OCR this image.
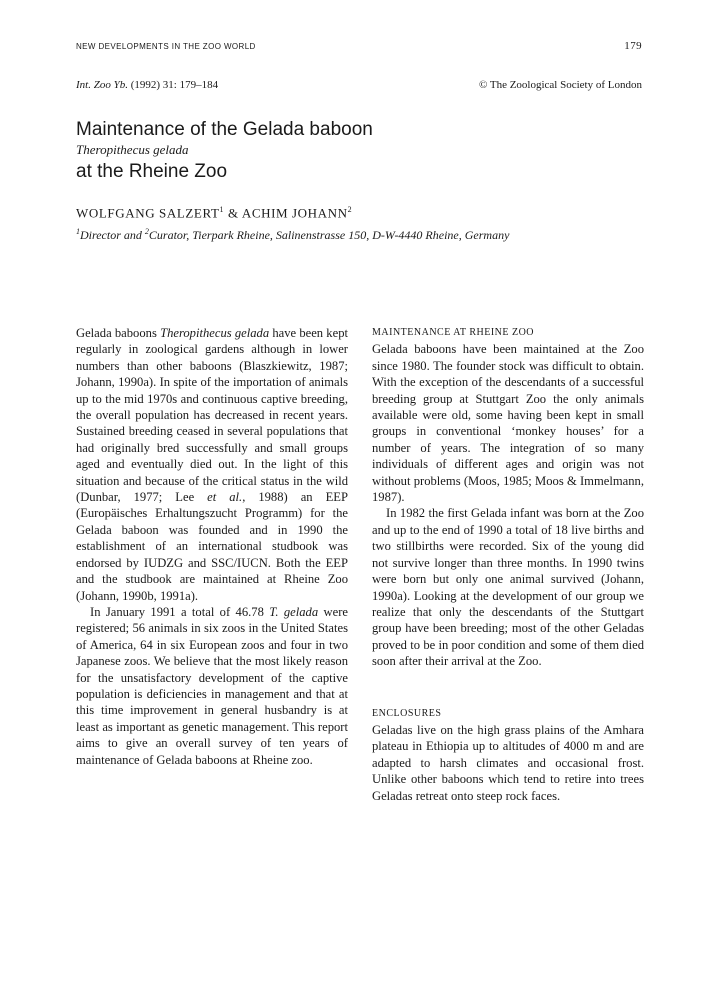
NEW DEVELOPMENTS IN THE ZOO WORLD	179
Int. Zoo Yb. (1992) 31: 179–184	© The Zoological Society of London
Maintenance of the Gelada baboon
Theropithecus gelada
at the Rheine Zoo
WOLFGANG SALZERT$^1$ & ACHIM JOHANN$^2$
$^1$Director and $^2$Curator, Tierpark Rheine, Salinenstrasse 150, D-W-4440 Rheine, Germany

Gelada baboons Theropithecus gelada have been kept regularly in zoological gardens although in lower numbers than other baboons (Blaszkiewitz, 1987; Johann, 1990a). In spite of the importation of animals up to the mid 1970s and continuous captive breeding, the overall population has decreased in recent years. Sustained breeding ceased in several populations that had originally bred successfully and small groups aged and eventually died out. In the light of this situation and because of the critical status in the wild (Dunbar, 1977; Lee et al., 1988) an EEP (Europäisches Erhaltungszucht Programm) for the Gelada baboon was founded and in 1990 the establishment of an international studbook was endorsed by IUDZG and SSC/IUCN. Both the EEP and the studbook are maintained at Rheine Zoo (Johann, 1990b, 1991a).

In January 1991 a total of 46.78 T. gelada were registered; 56 animals in six zoos in the United States of America, 64 in six European zoos and four in two Japanese zoos. We believe that the most likely reason for the unsatisfactory development of the captive population is deficiencies in management and that at this time improvement in general husbandry is at least as important as genetic management. This report aims to give an overall survey of ten years of maintenance of Gelada baboons at Rheine zoo.

MAINTENANCE AT RHEINE ZOO

Gelada baboons have been maintained at the Zoo since 1980. The founder stock was difficult to obtain. With the exception of the descendants of a successful breeding group at Stuttgart Zoo the only animals available were old, some having been kept in small groups in conventional ‘monkey houses’ for a number of years. The integration of so many individuals of different ages and origin was not without problems (Moos, 1985; Moos & Immelmann, 1987).

In 1982 the first Gelada infant was born at the Zoo and up to the end of 1990 a total of 18 live births and two stillbirths were recorded. Six of the young did not survive longer than three months. In 1990 twins were born but only one animal survived (Johann, 1990a). Looking at the development of our group we realize that only the descendants of the Stuttgart group have been breeding; most of the other Geladas proved to be in poor condition and some of them died soon after their arrival at the Zoo.

ENCLOSURES

Geladas live on the high grass plains of the Amhara plateau in Ethiopia up to altitudes of 4000 m and are adapted to harsh climates and occasional frost. Unlike other baboons which tend to retire into trees Geladas retreat onto steep rock faces.
